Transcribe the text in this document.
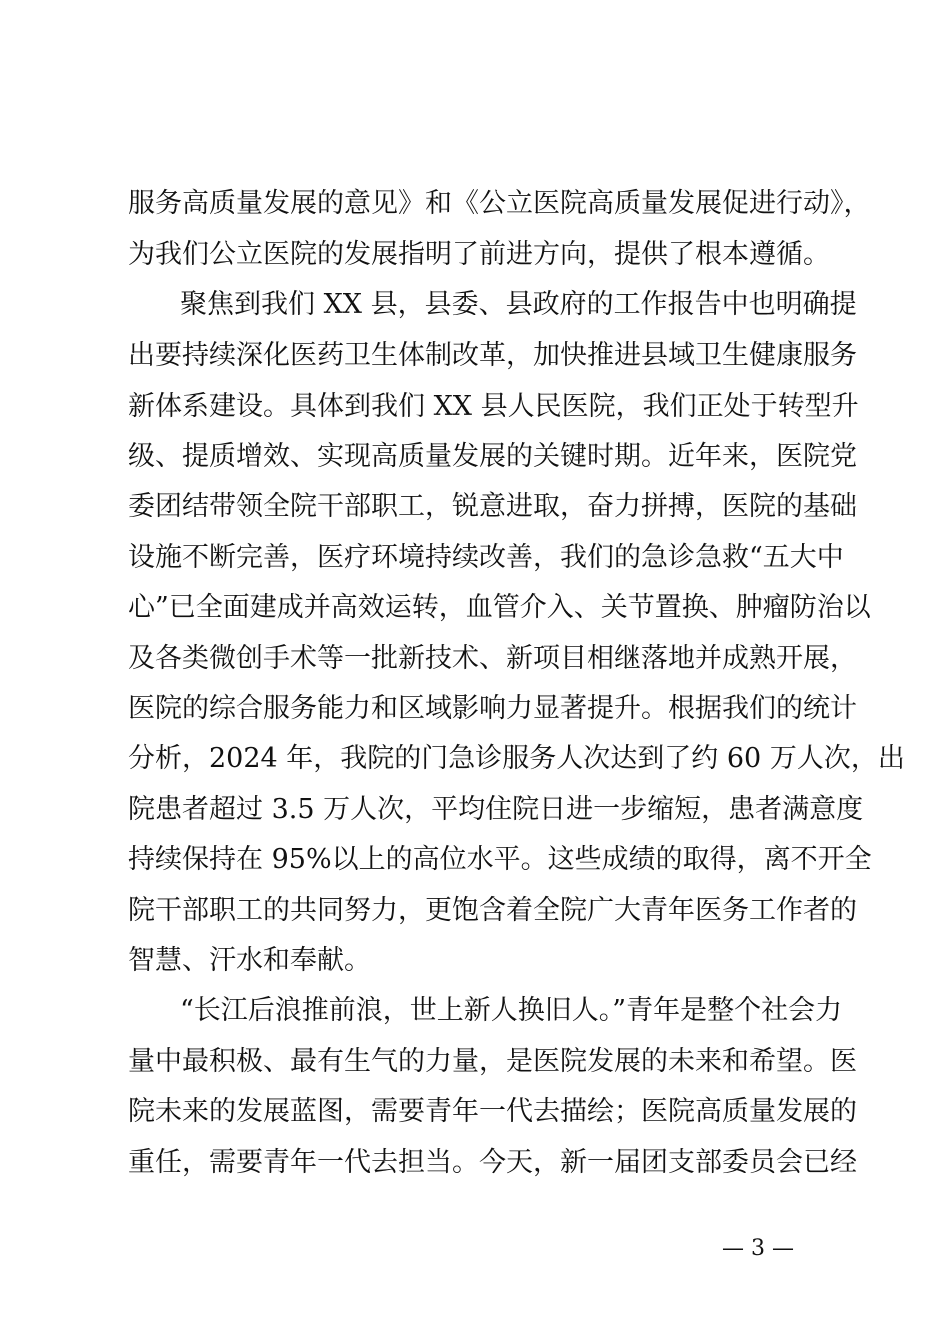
服务高质量发展的意见》和《公立医院高质量发展促进行动》，
为我们公立医院的发展指明了前进方向，提供了根本遵循。
聚焦到我们 XX 县，县委、县政府的工作报告中也明确提
出要持续深化医药卫生体制改革，加快推进县域卫生健康服务
新体系建设。具体到我们 XX 县人民医院，我们正处于转型升
级、提质增效、实现高质量发展的关键时期。近年来，医院党
委团结带领全院干部职工，锐意进取，奋力拼搏，医院的基础
设施不断完善，医疗环境持续改善，我们的急诊急救“五大中
心”已全面建成并高效运转，血管介入、关节置换、肿瘤防治以
及各类微创手术等一批新技术、新项目相继落地并成熟开展，
医院的综合服务能力和区域影响力显著提升。根据我们的统计
分析，2024 年，我院的门急诊服务人次达到了约 60 万人次，出
院患者超过 3.5 万人次，平均住院日进一步缩短，患者满意度
持续保持在 95%以上的高位水平。这些成绩的取得，离不开全
院干部职工的共同努力，更饱含着全院广大青年医务工作者的
智慧、汗水和奉献。
“长江后浪推前浪，世上新人换旧人。”青年是整个社会力
量中最积极、最有生气的力量，是医院发展的未来和希望。医
院未来的发展蓝图，需要青年一代去描绘；医院高质量发展的
重任，需要青年一代去担当。今天，新一届团支部委员会已经
— 3 —
